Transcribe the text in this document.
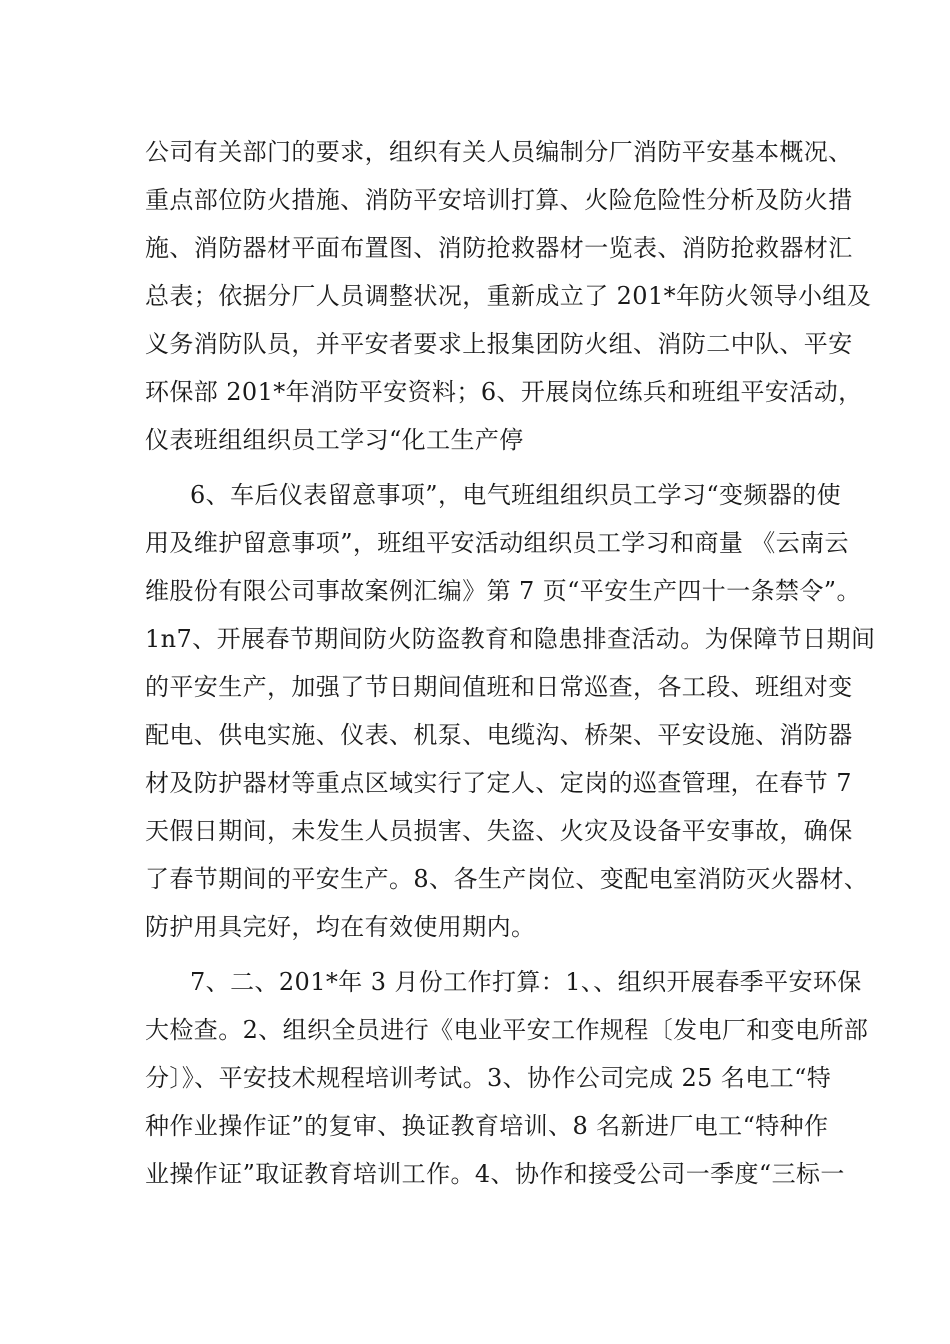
公司有关部门的要求，组织有关人员编制分厂消防平安基本概况、
重点部位防火措施、消防平安培训打算、火险危险性分析及防火措
施、消防器材平面布置图、消防抢救器材一览表、消防抢救器材汇
总表；依据分厂人员调整状况，重新成立了 201*年防火领导小组及
义务消防队员，并平安者要求上报集团防火组、消防二中队、平安
环保部 201*年消防平安资料；6、开展岗位练兵和班组平安活动，
仪表班组组织员工学习“化工生产停
6、车后仪表留意事项”，电气班组组织员工学习“变频器的使
用及维护留意事项”，班组平安活动组织员工学习和商量 《云南云
维股份有限公司事故案例汇编》第 7 页“平安生产四十一条禁令”。
1n7、开展春节期间防火防盗教育和隐患排查活动。为保障节日期间
的平安生产，加强了节日期间值班和日常巡查，各工段、班组对变
配电、供电实施、仪表、机泵、电缆沟、桥架、平安设施、消防器
材及防护器材等重点区域实行了定人、定岗的巡查管理，在春节 7
天假日期间，未发生人员损害、失盗、火灾及设备平安事故，确保
了春节期间的平安生产。8、各生产岗位、变配电室消防灭火器材、
防护用具完好，均在有效使用期内。
7、二、201*年 3 月份工作打算：1、、组织开展春季平安环保
大检查。2、组织全员进行《电业平安工作规程〔发电厂和变电所部
分〕》、平安技术规程培训考试。3、协作公司完成 25 名电工“特
种作业操作证”的复审、换证教育培训、8 名新进厂电工“特种作
业操作证”取证教育培训工作。4、协作和接受公司一季度“三标一
